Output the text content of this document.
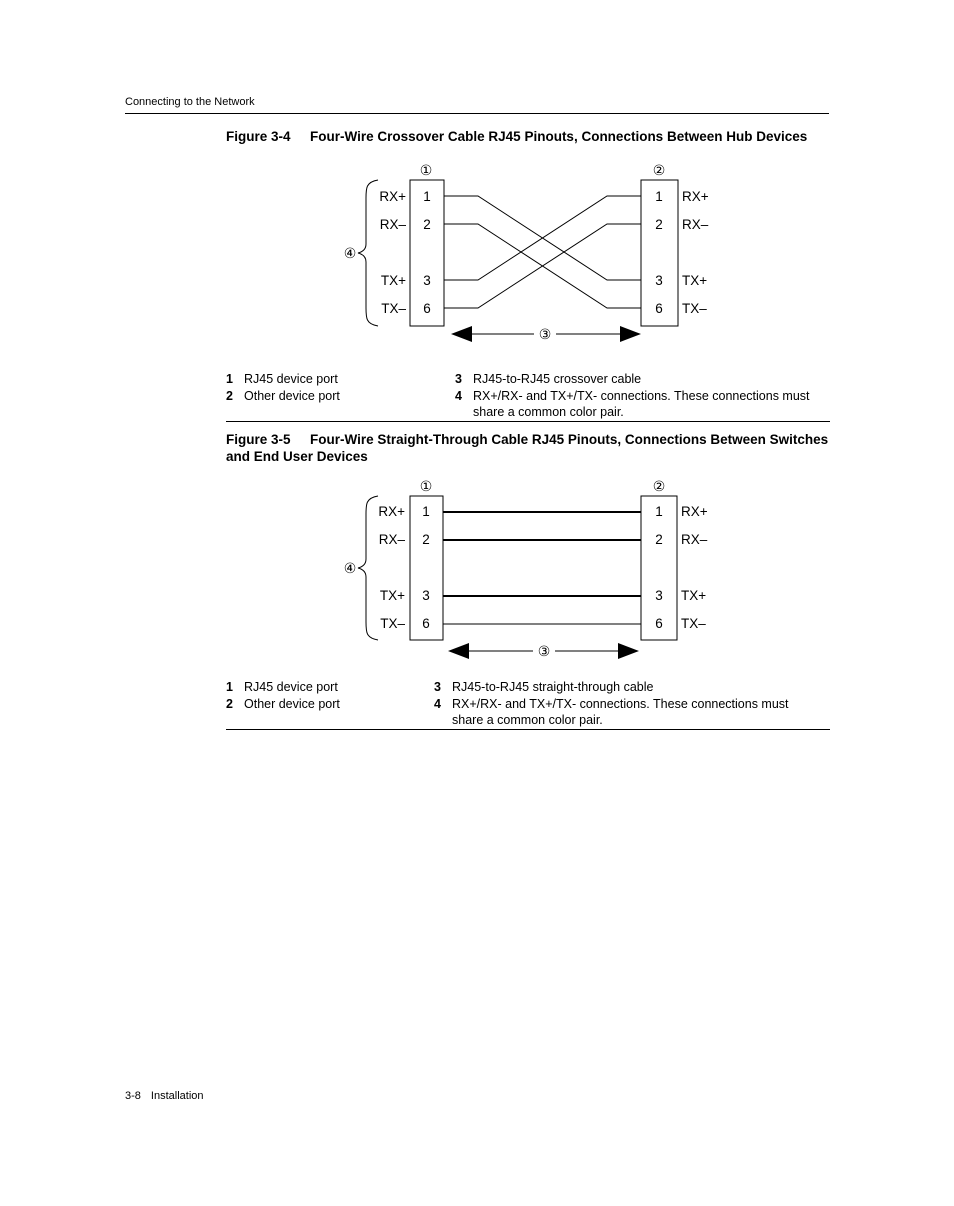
Connecting to the Network
Figure 3-4 Four-Wire Crossover Cable RJ45 Pinouts, Connections Between Hub Devices
①	②
④
RX+
RX–
TX+
TX–
1
2
3
6
1
2
3
6
RX+
RX–
TX+
TX–
③
1 RJ45 device port
2 Other device port
3 RJ45-to-RJ45 crossover cable
4 RX+/RX- and TX+/TX- connections. These connections must share a common color pair.
Figure 3-5 Four-Wire Straight-Through Cable RJ45 Pinouts, Connections Between Switches and End User Devices
①	②
④
RX+
RX–
TX+
TX–
1
2
3
6
1
2
3
6
RX+
RX–
TX+
TX–
③
1 RJ45 device port
2 Other device port
3 RJ45-to-RJ45 straight-through cable
4 RX+/RX- and TX+/TX- connections. These connections must share a common color pair.
3-8 Installation
